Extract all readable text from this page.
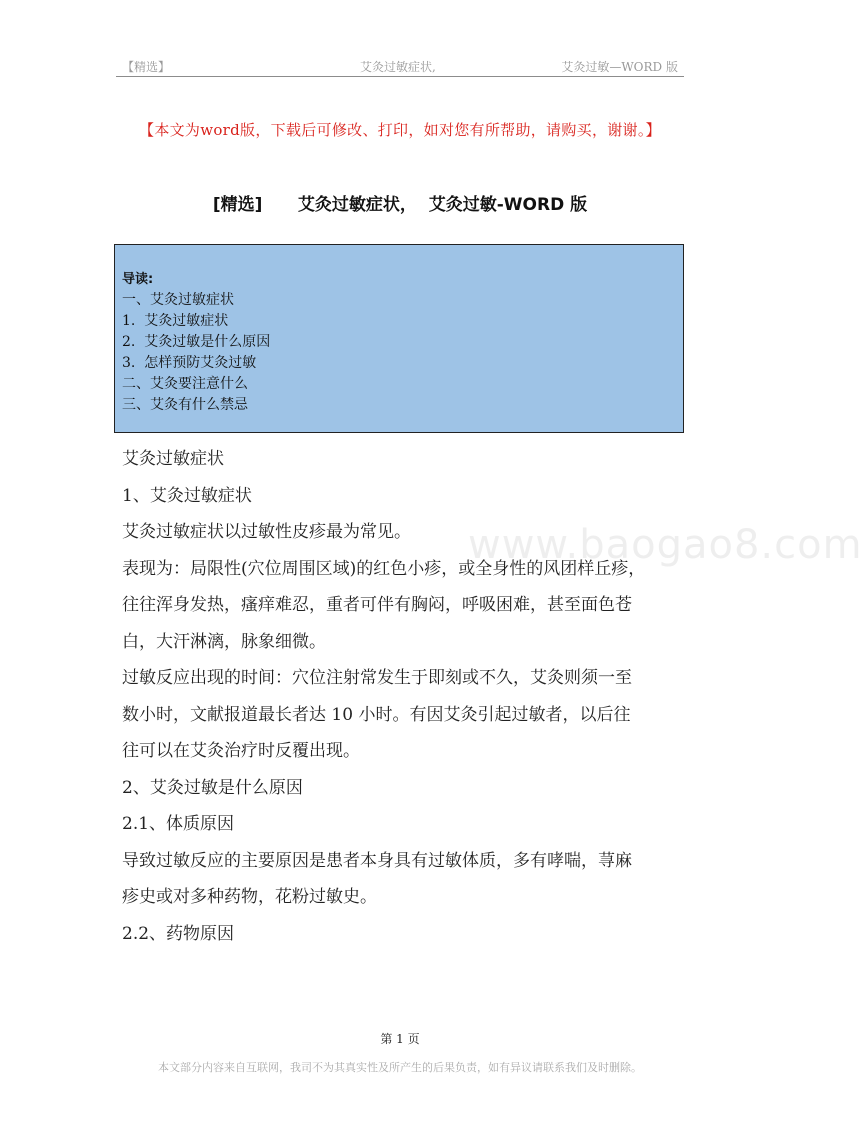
【精选】	艾灸过敏症状,	艾灸过敏—WORD 版
【本文为word版，下载后可修改、打印，如对您有所帮助，请购买，谢谢。】
[精选]      艾灸过敏症状，  艾灸过敏-WORD 版
导读:
一、艾灸过敏症状
1.  艾灸过敏症状
2.  艾灸过敏是什么原因
3.  怎样预防艾灸过敏
二、艾灸要注意什么
三、艾灸有什么禁忌
www.baogao8.com

艾灸过敏症状

1、艾灸过敏症状

艾灸过敏症状以过敏性皮疹最为常见。

表现为：局限性(穴位周围区域)的红色小疹，或全身性的风团样丘疹，

往往浑身发热，瘙痒难忍，重者可伴有胸闷，呼吸困难，甚至面色苍

白，大汗淋漓，脉象细微。

过敏反应出现的时间：穴位注射常发生于即刻或不久，艾灸则须一至

数小时，文献报道最长者达 10 小时。有因艾灸引起过敏者，以后往

往可以在艾灸治疗时反覆出现。

2、艾灸过敏是什么原因

2.1、体质原因

导致过敏反应的主要原因是患者本身具有过敏体质，多有哮喘，荨麻

疹史或对多种药物，花粉过敏史。

2.2、药物原因

第 1 页
本文部分内容来自互联网，我司不为其真实性及所产生的后果负责，如有异议请联系我们及时删除。
